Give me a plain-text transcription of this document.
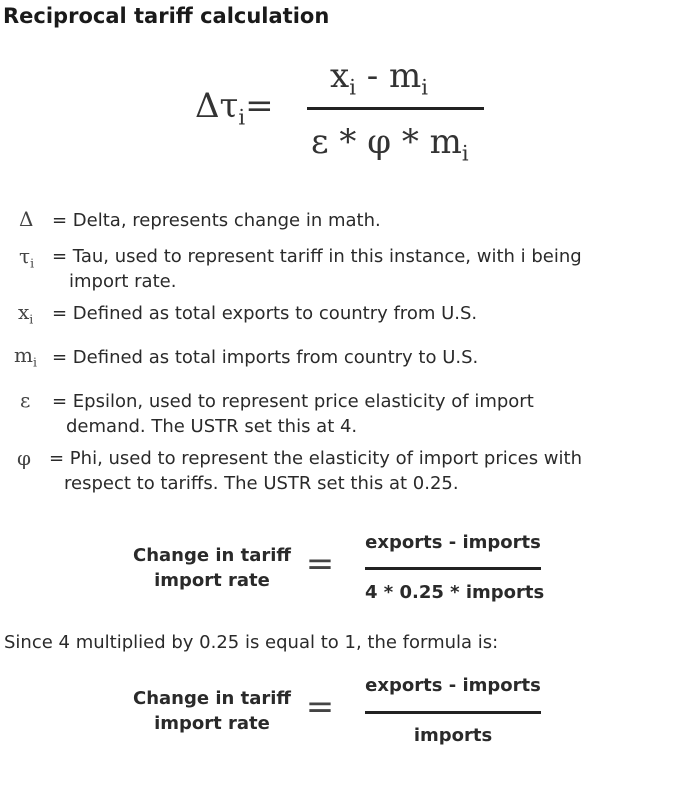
Reciprocal tariff calculation
$\Delta\tau_i=$
$x_i - m_i$
ε * φ * $m_i$
Δ	= Delta, represents change in math.
$\tau_i$ = Tau, used to represent tariff in this instance, with i being
import rate.
$x_i$	= Defined as total exports to country from U.S.
$m_i$ = Defined as total imports from country to U.S.
ε	= Epsilon, used to represent price elasticity of import
demand. The USTR set this at 4.
φ = Phi, used to represent the elasticity of import prices with
respect to tariffs. The USTR set this at 0.25.
Change in tariff
import rate	=
exports - imports
4 * 0.25 * imports
Since 4 multiplied by 0.25 is equal to 1, the formula is:
Change in tariff
import rate	=
exports - imports
imports
